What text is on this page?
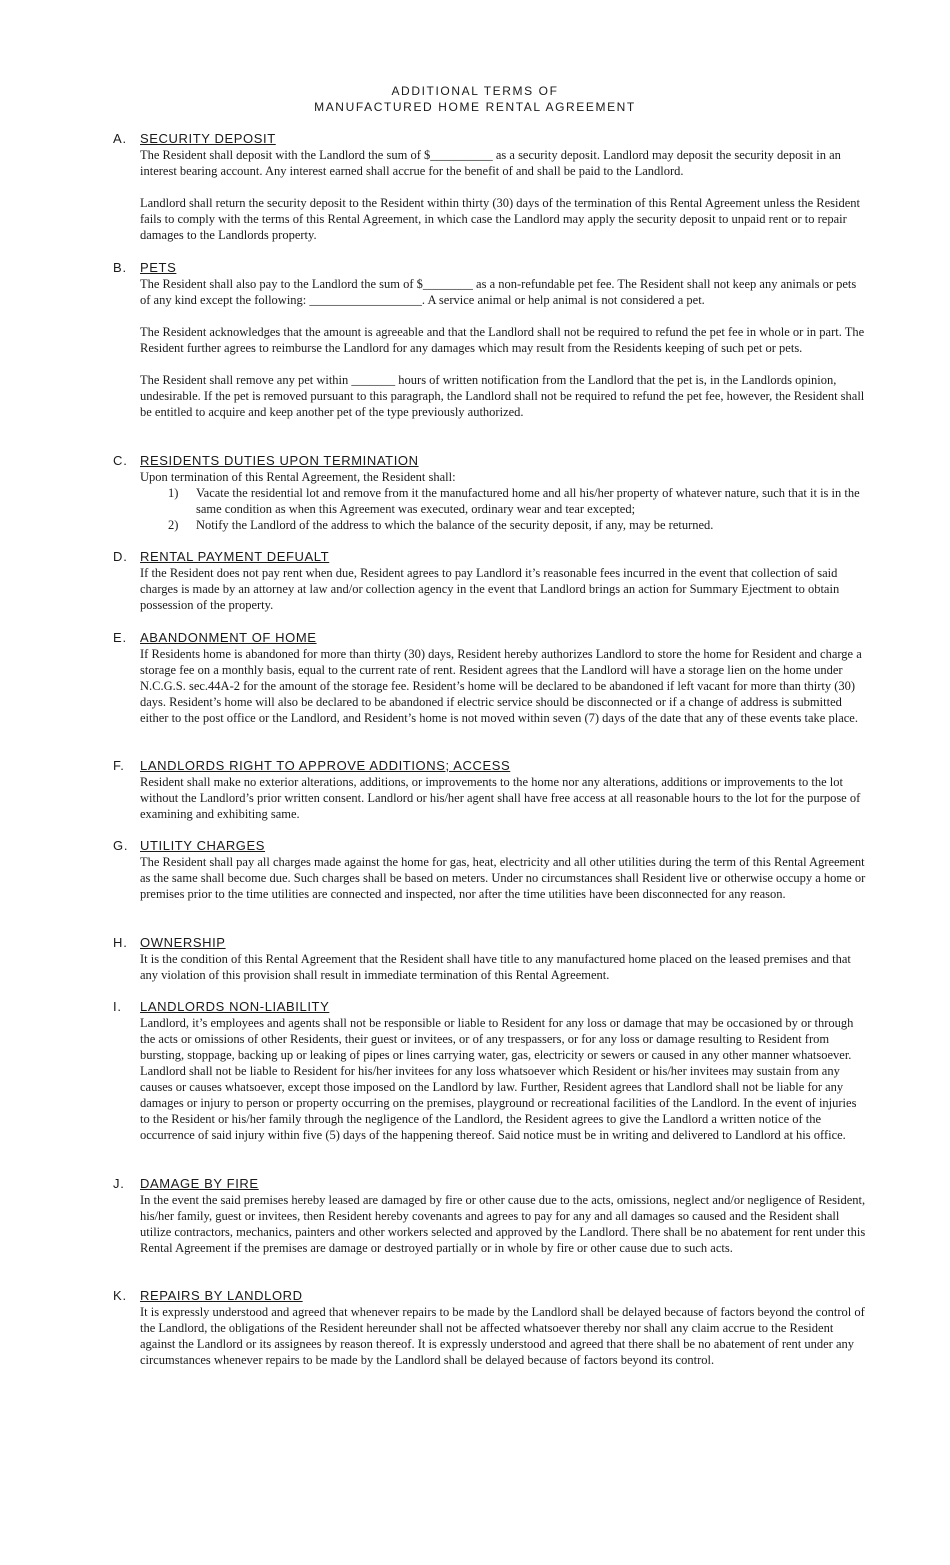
ADDITIONAL TERMS OF
MANUFACTURED HOME RENTAL AGREEMENT
A.	SECURITY DEPOSIT

The Resident shall deposit with the Landlord the sum of $__________ as a security deposit. Landlord may deposit the security deposit in an interest bearing account. Any interest earned shall accrue for the benefit of and shall be paid to the Landlord.

Landlord shall return the security deposit to the Resident within thirty (30) days of the termination of this Rental Agreement unless the Resident fails to comply with the terms of this Rental Agreement, in which case the Landlord may apply the security deposit to unpaid rent or to repair damages to the Landlords property.

B.	PETS

The Resident shall also pay to the Landlord the sum of $________ as a non-refundable pet fee. The Resident shall not keep any animals or pets of any kind except the following: __________________. A service animal or help animal is not considered a pet.

The Resident acknowledges that the amount is agreeable and that the Landlord shall not be required to refund the pet fee in whole or in part. The Resident further agrees to reimburse the Landlord for any damages which may result from the Residents keeping of such pet or pets.

The Resident shall remove any pet within _______ hours of written notification from the Landlord that the pet is, in the Landlords opinion, undesirable. If the pet is removed pursuant to this paragraph, the Landlord shall not be required to refund the pet fee, however, the Resident shall be entitled to acquire and keep another pet of the type previously authorized.

C. RESIDENTS DUTIES UPON TERMINATION

Upon termination of this Rental Agreement, the Resident shall:

1) Vacate the residential lot and remove from it the manufactured home and all his/her property of whatever nature, such that it is in the same condition as when this Agreement was executed, ordinary wear and tear excepted;
2) Notify the Landlord of the address to which the balance of the security deposit, if any, may be returned.
D. RENTAL PAYMENT DEFUALT

If the Resident does not pay rent when due, Resident agrees to pay Landlord it’s reasonable fees incurred in the event that collection of said charges is made by an attorney at law and/or collection agency in the event that Landlord brings an action for Summary Ejectment to obtain possession of the property.

E.	ABANDONMENT OF HOME

If Residents home is abandoned for more than thirty (30) days, Resident hereby authorizes Landlord to store the home for Resident and charge a storage fee on a monthly basis, equal to the current rate of rent. Resident agrees that the Landlord will have a storage lien on the home under N.C.G.S. sec.44A-2 for the amount of the storage fee. Resident’s home will be declared to be abandoned if left vacant for more than thirty (30) days. Resident’s home will also be declared to be abandoned if electric service should be disconnected or if a change of address is submitted either to the post office or the Landlord, and Resident’s home is not moved within seven (7) days of the date that any of these events take place.

F.	LANDLORDS RIGHT TO APPROVE ADDITIONS; ACCESS

Resident shall make no exterior alterations, additions, or improvements to the home nor any alterations, additions or improvements to the lot without the Landlord’s prior written consent. Landlord or his/her agent shall have free access at all reasonable hours to the lot for the purpose of examining and exhibiting same.

G. UTILITY CHARGES

The Resident shall pay all charges made against the home for gas, heat, electricity and all other utilities during the term of this Rental Agreement as the same shall become due. Such charges shall be based on meters. Under no circumstances shall Resident live or otherwise occupy a home or premises prior to the time utilities are connected and inspected, nor after the time utilities have been disconnected for any reason.

H. OWNERSHIP

It is the condition of this Rental Agreement that the Resident shall have title to any manufactured home placed on the leased premises and that any violation of this provision shall result in immediate termination of this Rental Agreement.

I.	LANDLORDS NON-LIABILITY

Landlord, it’s employees and agents shall not be responsible or liable to Resident for any loss or damage that may be occasioned by or through the acts or omissions of other Residents, their guest or invitees, or of any trespassers, or for any loss or damage resulting to Resident from bursting, stoppage, backing up or leaking of pipes or lines carrying water, gas, electricity or sewers or caused in any other manner whatsoever. Landlord shall not be liable to Resident for his/her invitees for any loss whatsoever which Resident or his/her invitees may sustain from any causes or causes whatsoever, except those imposed on the Landlord by law. Further, Resident agrees that Landlord shall not be liable for any damages or injury to person or property occurring on the premises, playground or recreational facilities of the Landlord. In the event of injuries to the Resident or his/her family through the negligence of the Landlord, the Resident agrees to give the Landlord a written notice of the occurrence of said injury within five (5) days of the happening thereof. Said notice must be in writing and delivered to Landlord at his office.

J.	DAMAGE BY FIRE

In the event the said premises hereby leased are damaged by fire or other cause due to the acts, omissions, neglect and/or negligence of Resident, his/her family, guest or invitees, then Resident hereby covenants and agrees to pay for any and all damages so caused and the Resident shall utilize contractors, mechanics, painters and other workers selected and approved by the Landlord. There shall be no abatement for rent under this Rental Agreement if the premises are damage or destroyed partially or in whole by fire or other cause due to such acts.

K.	REPAIRS BY LANDLORD

It is expressly understood and agreed that whenever repairs to be made by the Landlord shall be delayed because of factors beyond the control of the Landlord, the obligations of the Resident hereunder shall not be affected whatsoever thereby nor shall any claim accrue to the Resident against the Landlord or its assignees by reason thereof. It is expressly understood and agreed that there shall be no abatement of rent under any circumstances whenever repairs to be made by the Landlord shall be delayed because of factors beyond its control.
